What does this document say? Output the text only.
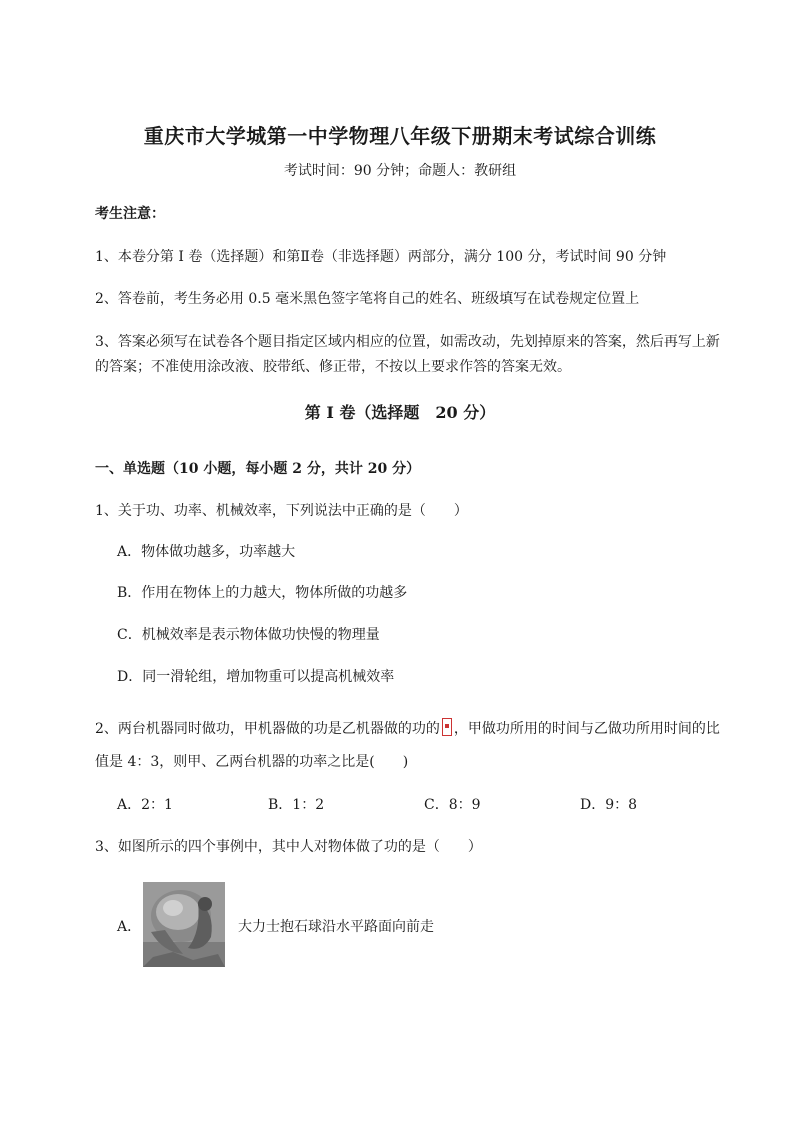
重庆市大学城第一中学物理八年级下册期末考试综合训练
考试时间：90 分钟；命题人：教研组
考生注意：
1、本卷分第 I 卷（选择题）和第Ⅱ卷（非选择题）两部分，满分 100 分，考试时间 90 分钟
2、答卷前，考生务必用 0.5 毫米黑色签字笔将自己的姓名、班级填写在试卷规定位置上
3、答案必须写在试卷各个题目指定区域内相应的位置，如需改动，先划掉原来的答案，然后再写上新
的答案；不准使用涂改液、胶带纸、修正带，不按以上要求作答的答案无效。
第 I 卷（选择题　20 分）
一、单选题（10 小题，每小题 2 分，共计 20 分）
1、关于功、功率、机械效率，下列说法中正确的是（　　）
A．物体做功越多，功率越大
B．作用在物体上的力越大，物体所做的功越多
C．机械效率是表示物体做功快慢的物理量
D．同一滑轮组，增加物重可以提高机械效率
2、两台机器同时做功，甲机器做的功是乙机器做的功的 ，甲做功所用的时间与乙做功所用时间的比
值是 4：3，则甲、乙两台机器的功率之比是(　　)
A．2：1	B．1：2	C．8：9	D．9：8
3、如图所示的四个事例中，其中人对物体做了功的是（　　）
A．	大力士抱石球沿水平路面向前走
